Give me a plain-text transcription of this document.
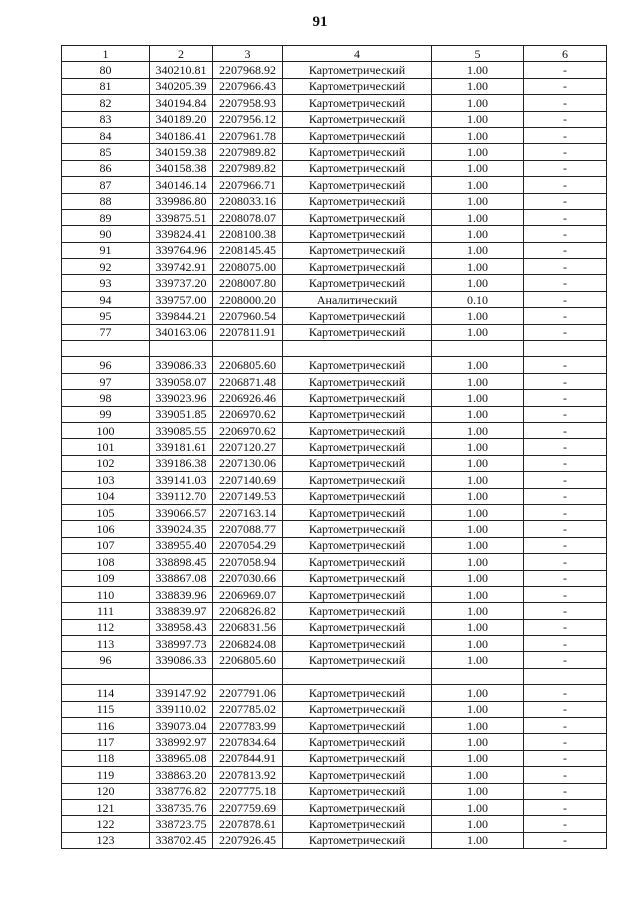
91
1	2	3	4	5	6
80	340210.81	2207968.92	Картометрический	1.00	-
81	340205.39	2207966.43	Картометрический	1.00	-
82	340194.84	2207958.93	Картометрический	1.00	-
83	340189.20	2207956.12	Картометрический	1.00	-
84	340186.41	2207961.78	Картометрический	1.00	-
85	340159.38	2207989.82	Картометрический	1.00	-
86	340158.38	2207989.82	Картометрический	1.00	-
87	340146.14	2207966.71	Картометрический	1.00	-
88	339986.80	2208033.16	Картометрический	1.00	-
89	339875.51	2208078.07	Картометрический	1.00	-
90	339824.41	2208100.38	Картометрический	1.00	-
91	339764.96	2208145.45	Картометрический	1.00	-
92	339742.91	2208075.00	Картометрический	1.00	-
93	339737.20	2208007.80	Картометрический	1.00	-
94	339757.00	2208000.20	Аналитический	0.10	-
95	339844.21	2207960.54	Картометрический	1.00	-
77	340163.06	2207811.91	Картометрический	1.00	-

96	339086.33	2206805.60	Картометрический	1.00	-
97	339058.07	2206871.48	Картометрический	1.00	-
98	339023.96	2206926.46	Картометрический	1.00	-
99	339051.85	2206970.62	Картометрический	1.00	-
100	339085.55	2206970.62	Картометрический	1.00	-
101	339181.61	2207120.27	Картометрический	1.00	-
102	339186.38	2207130.06	Картометрический	1.00	-
103	339141.03	2207140.69	Картометрический	1.00	-
104	339112.70	2207149.53	Картометрический	1.00	-
105	339066.57	2207163.14	Картометрический	1.00	-
106	339024.35	2207088.77	Картометрический	1.00	-
107	338955.40	2207054.29	Картометрический	1.00	-
108	338898.45	2207058.94	Картометрический	1.00	-
109	338867.08	2207030.66	Картометрический	1.00	-
110	338839.96	2206969.07	Картометрический	1.00	-
111	338839.97	2206826.82	Картометрический	1.00	-
112	338958.43	2206831.56	Картометрический	1.00	-
113	338997.73	2206824.08	Картометрический	1.00	-
96	339086.33	2206805.60	Картометрический	1.00	-

114	339147.92	2207791.06	Картометрический	1.00	-
115	339110.02	2207785.02	Картометрический	1.00	-
116	339073.04	2207783.99	Картометрический	1.00	-
117	338992.97	2207834.64	Картометрический	1.00	-
118	338965.08	2207844.91	Картометрический	1.00	-
119	338863.20	2207813.92	Картометрический	1.00	-
120	338776.82	2207775.18	Картометрический	1.00	-
121	338735.76	2207759.69	Картометрический	1.00	-
122	338723.75	2207878.61	Картометрический	1.00	-
123	338702.45	2207926.45	Картометрический	1.00	-
